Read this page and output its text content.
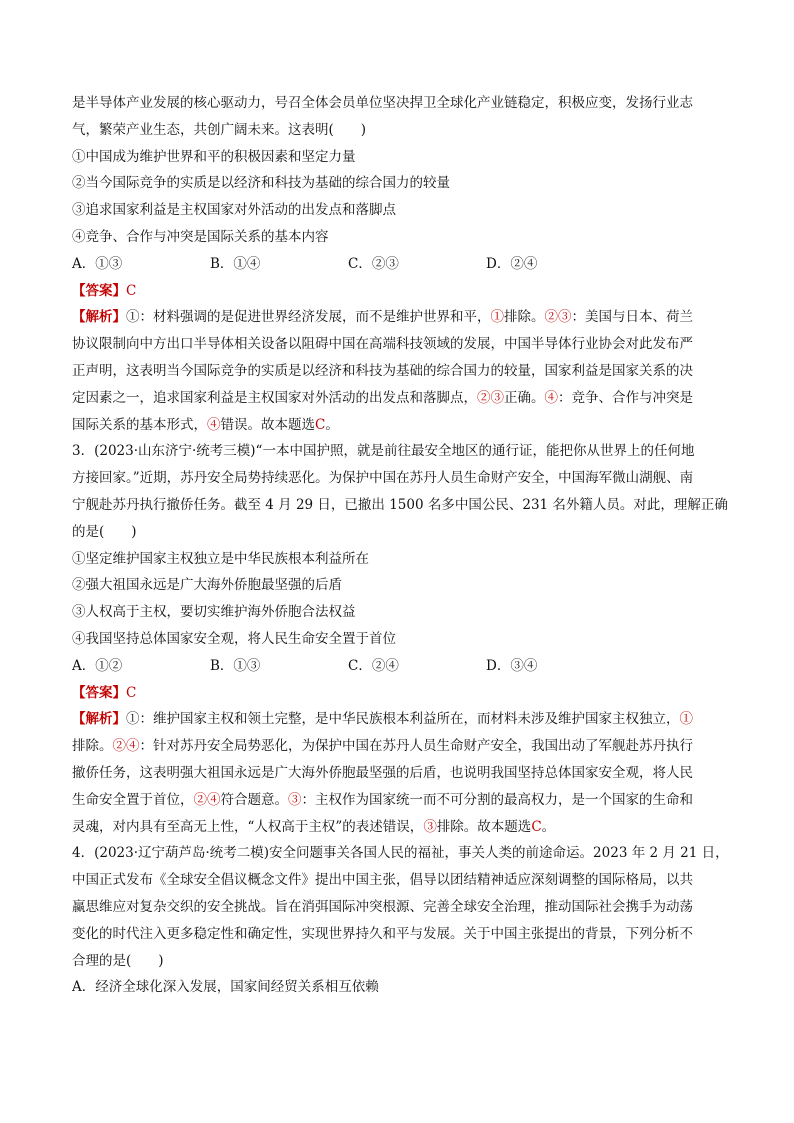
是半导体产业发展的核心驱动力，号召全体会员单位坚决捍卫全球化产业链稳定，积极应变，发扬行业志
气，繁荣产业生态，共创广阔未来。这表明(　　)
①中国成为维护世界和平的积极因素和坚定力量
②当今国际竞争的实质是以经济和科技为基础的综合国力的较量
③追求国家利益是主权国家对外活动的出发点和落脚点
④竞争、合作与冲突是国际关系的基本内容
A．①③	B．①④	C．②③	D．②④
【答案】C
【解析】①：材料强调的是促进世界经济发展，而不是维护世界和平，①排除。②③：美国与日本、荷兰
协议限制向中方出口半导体相关设备以阻碍中国在高端科技领域的发展，中国半导体行业协会对此发布严
正声明，这表明当今国际竞争的实质是以经济和科技为基础的综合国力的较量，国家利益是国家关系的决
定因素之一，追求国家利益是主权国家对外活动的出发点和落脚点，②③正确。④：竞争、合作与冲突是
国际关系的基本形式，④错误。故本题选C。
3．(2023·山东济宁·统考三模)“一本中国护照，就是前往最安全地区的通行证，能把你从世界上的任何地
方接回家。”近期，苏丹安全局势持续恶化。为保护中国在苏丹人员生命财产安全，中国海军微山湖舰、南
宁舰赴苏丹执行撤侨任务。截至 4 月 29 日，已撤出 1500 名多中国公民、231 名外籍人员。对此，理解正确
的是(　　)
①坚定维护国家主权独立是中华民族根本利益所在
②强大祖国永远是广大海外侨胞最坚强的后盾
③人权高于主权，要切实维护海外侨胞合法权益
④我国坚持总体国家安全观，将人民生命安全置于首位
A．①②	B．①③	C．②④	D．③④
【答案】C
【解析】①：维护国家主权和领土完整，是中华民族根本利益所在，而材料未涉及维护国家主权独立，①
排除。②④：针对苏丹安全局势恶化，为保护中国在苏丹人员生命财产安全，我国出动了军舰赴苏丹执行
撤侨任务，这表明强大祖国永远是广大海外侨胞最坚强的后盾，也说明我国坚持总体国家安全观，将人民
生命安全置于首位，②④符合题意。③：主权作为国家统一而不可分割的最高权力，是一个国家的生命和
灵魂，对内具有至高无上性，“人权高于主权”的表述错误，③排除。故本题选C。
4．(2023·辽宁葫芦岛·统考二模)安全问题事关各国人民的福祉，事关人类的前途命运。2023 年 2 月 21 日，
中国正式发布《全球安全倡议概念文件》提出中国主张，倡导以团结精神适应深刻调整的国际格局，以共
赢思维应对复杂交织的安全挑战。旨在消弭国际冲突根源、完善全球安全治理，推动国际社会携手为动荡
变化的时代注入更多稳定性和确定性，实现世界持久和平与发展。关于中国主张提出的背景，下列分析不
合理的是(　　)
A．经济全球化深入发展，国家间经贸关系相互依赖
